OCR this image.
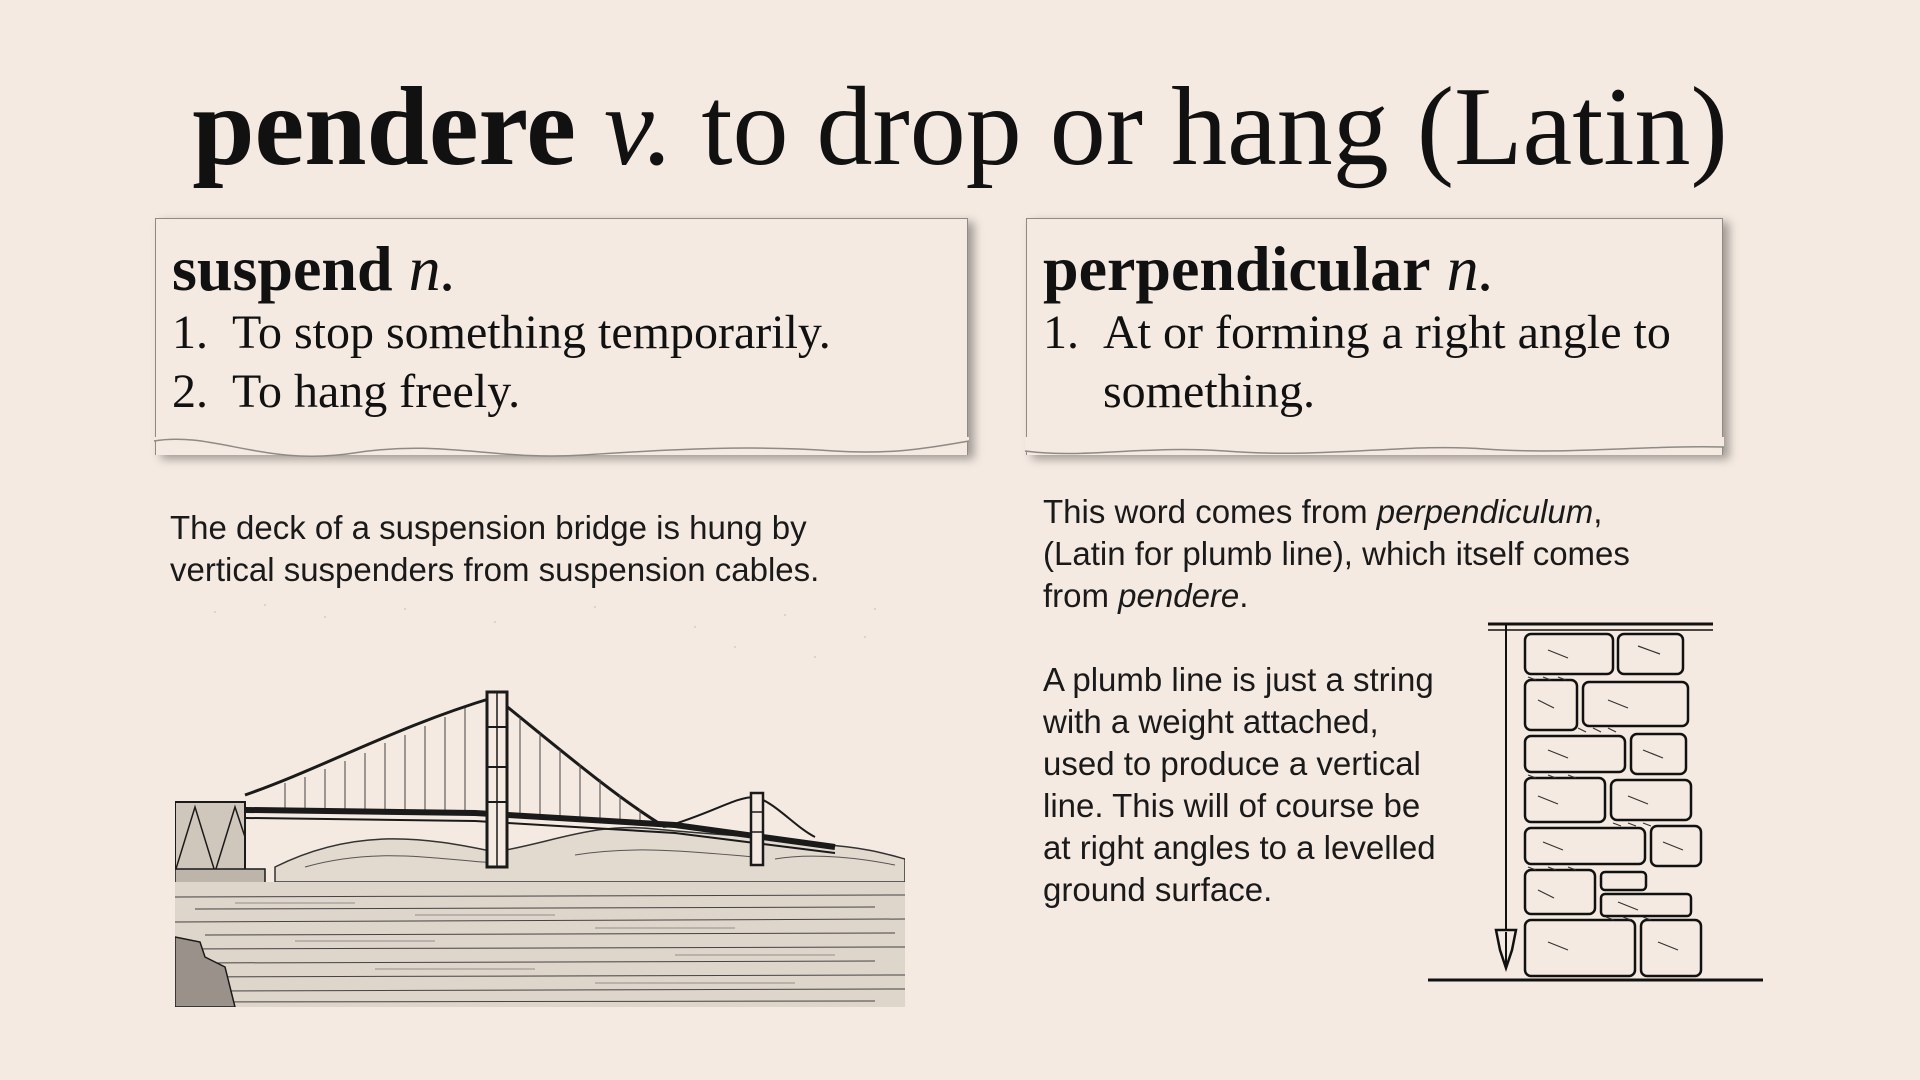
pendere v. to drop or hang (Latin)
suspend n.
1. To stop something temporarily.
2. To hang freely.
perpendicular n.
1. At or forming a right angle to
something.
The deck of a suspension bridge is hung by
vertical suspenders from suspension cables.
This word comes from perpendiculum,
(Latin for plumb line), which itself comes
from pendere.
A plumb line is just a string
with a weight attached,
used to produce a vertical
line. This will of course be
at right angles to a levelled
ground surface.
